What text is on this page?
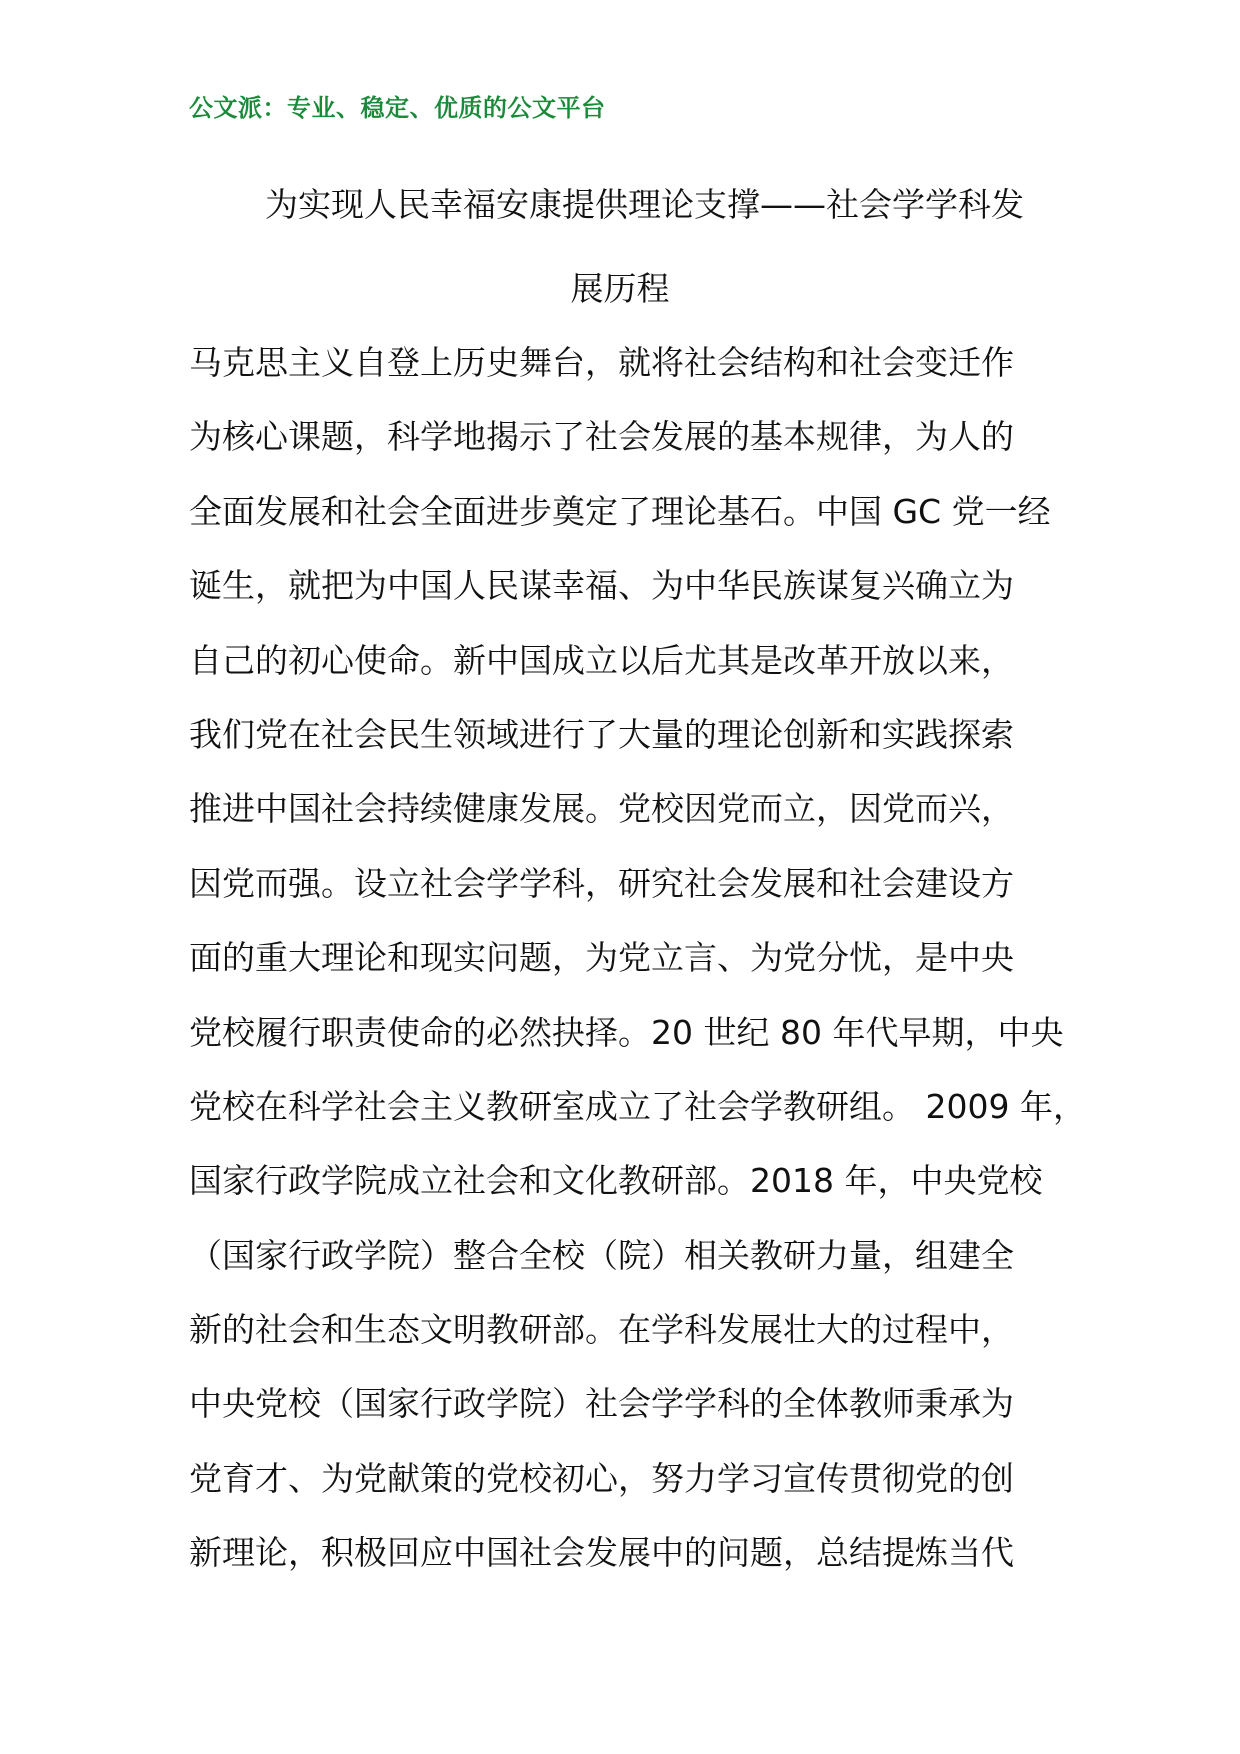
公文派：专业、稳定、优质的公文平台
为实现人民幸福安康提供理论支撑——社会学学科发
展历程
马克思主义自登上历史舞台，就将社会结构和社会变迁作
为核心课题，科学地揭示了社会发展的基本规律，为人的
全面发展和社会全面进步奠定了理论基石。中国 GC 党一经
诞生，就把为中国人民谋幸福、为中华民族谋复兴确立为
自己的初心使命。新中国成立以后尤其是改革开放以来，
我们党在社会民生领域进行了大量的理论创新和实践探索
推进中国社会持续健康发展。党校因党而立，因党而兴，
因党而强。设立社会学学科，研究社会发展和社会建设方
面的重大理论和现实问题，为党立言、为党分忧，是中央
党校履行职责使命的必然抉择。20 世纪 80 年代早期，中央
党校在科学社会主义教研室成立了社会学教研组。 2009 年，
国家行政学院成立社会和文化教研部。2018 年，中央党校
（国家行政学院）整合全校（院）相关教研力量，组建全
新的社会和生态文明教研部。在学科发展壮大的过程中，
中央党校（国家行政学院）社会学学科的全体教师秉承为
党育才、为党献策的党校初心，努力学习宣传贯彻党的创
新理论，积极回应中国社会发展中的问题，总结提炼当代
